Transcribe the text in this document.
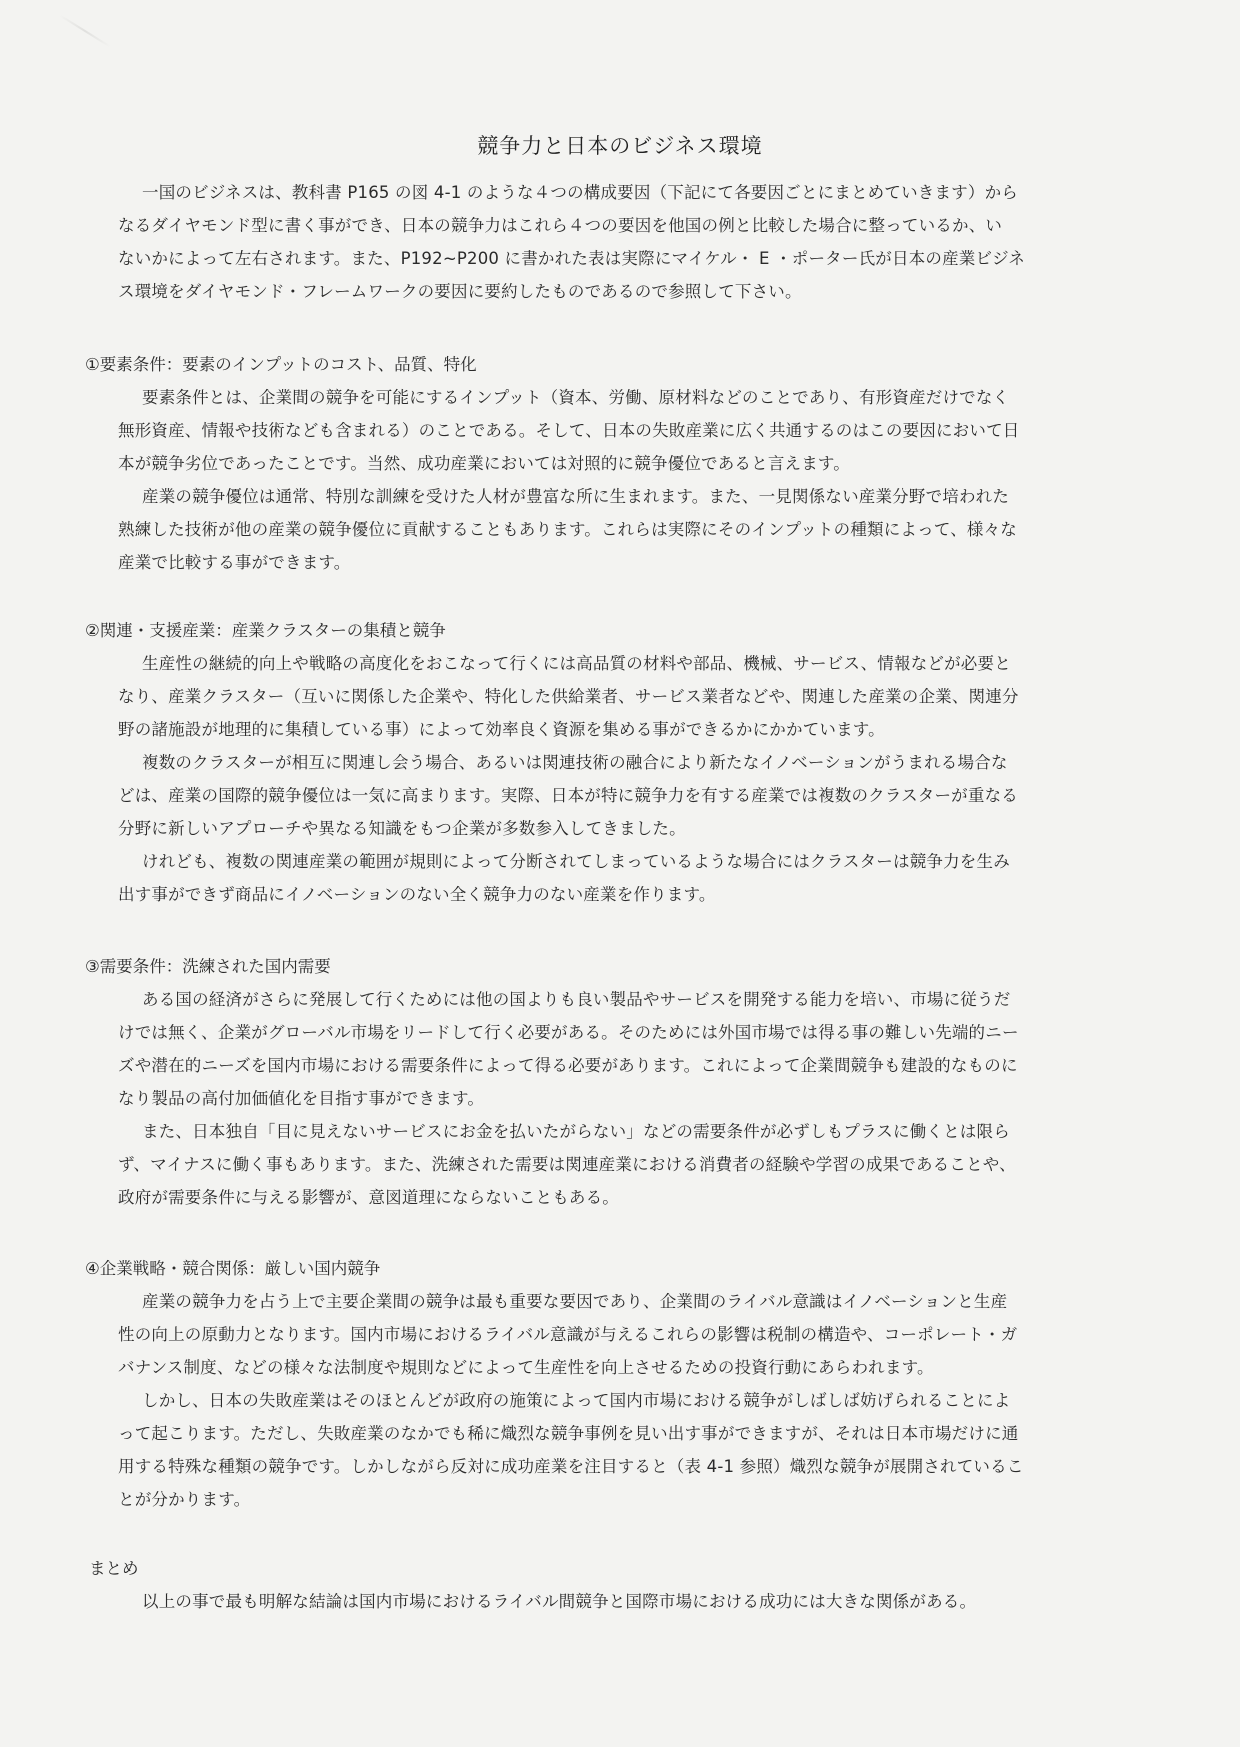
競争力と日本のビジネス環境
一国のビジネスは、教科書 P165 の図 4-1 のような４つの構成要因（下記にて各要因ごとにまとめていきます）から
なるダイヤモンド型に書く事ができ、日本の競争力はこれら４つの要因を他国の例と比較した場合に整っているか、い
ないかによって左右されます。また、P192~P200 に書かれた表は実際にマイケル・ E ・ポーター氏が日本の産業ビジネ
ス環境をダイヤモンド・フレームワークの要因に要約したものであるので参照して下さい。
①要素条件：要素のインプットのコスト、品質、特化
要素条件とは、企業間の競争を可能にするインプット（資本、労働、原材料などのことであり、有形資産だけでなく
無形資産、情報や技術なども含まれる）のことである。そして、日本の失敗産業に広く共通するのはこの要因において日
本が競争劣位であったことです。当然、成功産業においては対照的に競争優位であると言えます。
産業の競争優位は通常、特別な訓練を受けた人材が豊富な所に生まれます。また、一見関係ない産業分野で培われた
熟練した技術が他の産業の競争優位に貢献することもあります。これらは実際にそのインプットの種類によって、様々な
産業で比較する事ができます。
②関連・支援産業：産業クラスターの集積と競争
生産性の継続的向上や戦略の高度化をおこなって行くには高品質の材料や部品、機械、サービス、情報などが必要と
なり、産業クラスター（互いに関係した企業や、特化した供給業者、サービス業者などや、関連した産業の企業、関連分
野の諸施設が地理的に集積している事）によって効率良く資源を集める事ができるかにかかています。
複数のクラスターが相互に関連し会う場合、あるいは関連技術の融合により新たなイノベーションがうまれる場合な
どは、産業の国際的競争優位は一気に高まります。実際、日本が特に競争力を有する産業では複数のクラスターが重なる
分野に新しいアプローチや異なる知識をもつ企業が多数参入してきました。
けれども、複数の関連産業の範囲が規則によって分断されてしまっているような場合にはクラスターは競争力を生み
出す事ができず商品にイノベーションのない全く競争力のない産業を作ります。
③需要条件：洗練された国内需要
ある国の経済がさらに発展して行くためには他の国よりも良い製品やサービスを開発する能力を培い、市場に従うだ
けでは無く、企業がグローバル市場をリードして行く必要がある。そのためには外国市場では得る事の難しい先端的ニー
ズや潜在的ニーズを国内市場における需要条件によって得る必要があります。これによって企業間競争も建設的なものに
なり製品の高付加価値化を目指す事ができます。
また、日本独自「目に見えないサービスにお金を払いたがらない」などの需要条件が必ずしもプラスに働くとは限ら
ず、マイナスに働く事もあります。また、洗練された需要は関連産業における消費者の経験や学習の成果であることや、
政府が需要条件に与える影響が、意図道理にならないこともある。
④企業戦略・競合関係：厳しい国内競争
産業の競争力を占う上で主要企業間の競争は最も重要な要因であり、企業間のライバル意識はイノベーションと生産
性の向上の原動力となります。国内市場におけるライバル意識が与えるこれらの影響は税制の構造や、コーポレート・ガ
バナンス制度、などの様々な法制度や規則などによって生産性を向上させるための投資行動にあらわれます。
しかし、日本の失敗産業はそのほとんどが政府の施策によって国内市場における競争がしばしば妨げられることによ
って起こります。ただし、失敗産業のなかでも稀に熾烈な競争事例を見い出す事ができますが、それは日本市場だけに通
用する特殊な種類の競争です。しかしながら反対に成功産業を注目すると（表 4-1 参照）熾烈な競争が展開されているこ
とが分かります。
まとめ
以上の事で最も明解な結論は国内市場におけるライバル間競争と国際市場における成功には大きな関係がある。
